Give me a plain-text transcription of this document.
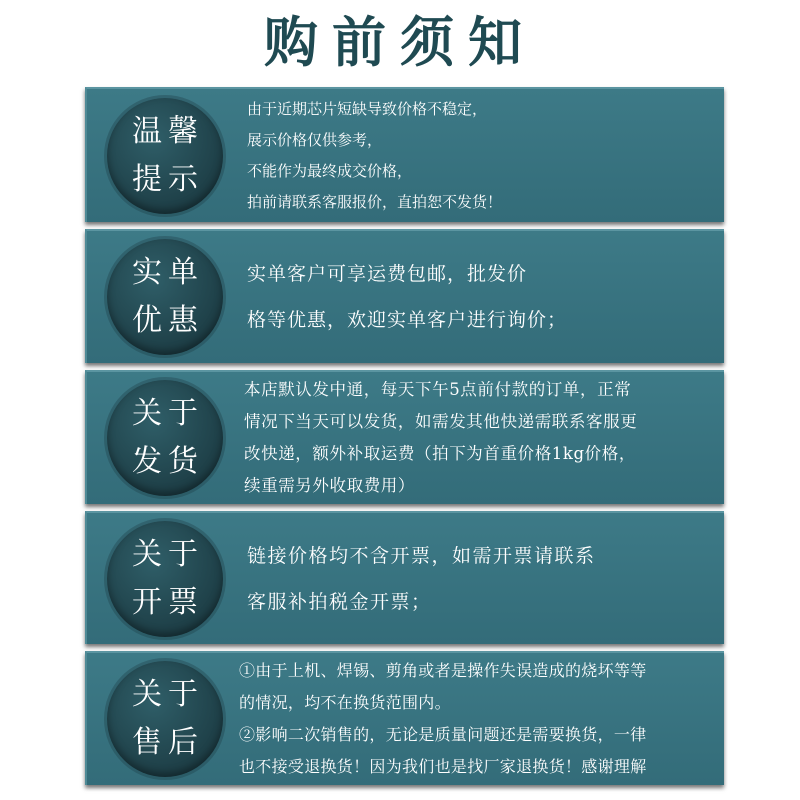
购前须知
温馨
提示
由于近期芯片短缺导致价格不稳定，
展示价格仅供参考，
不能作为最终成交价格，
拍前请联系客服报价，直拍恕不发货！
实单
优惠
实单客户可享运费包邮，批发价
格等优惠，欢迎实单客户进行询价；
关于
发货
本店默认发中通，每天下午5点前付款的订单，正常
情况下当天可以发货，如需发其他快递需联系客服更
改快递，额外补取运费（拍下为首重价格1kg价格，
续重需另外收取费用）
关于
开票
链接价格均不含开票，如需开票请联系
客服补拍税金开票；
关于
售后
①由于上机、焊锡、剪角或者是操作失误造成的烧坏等等
的情况，均不在换货范围内。
②影响二次销售的，无论是质量问题还是需要换货，一律
也不接受退换货！因为我们也是找厂家退换货！感谢理解
